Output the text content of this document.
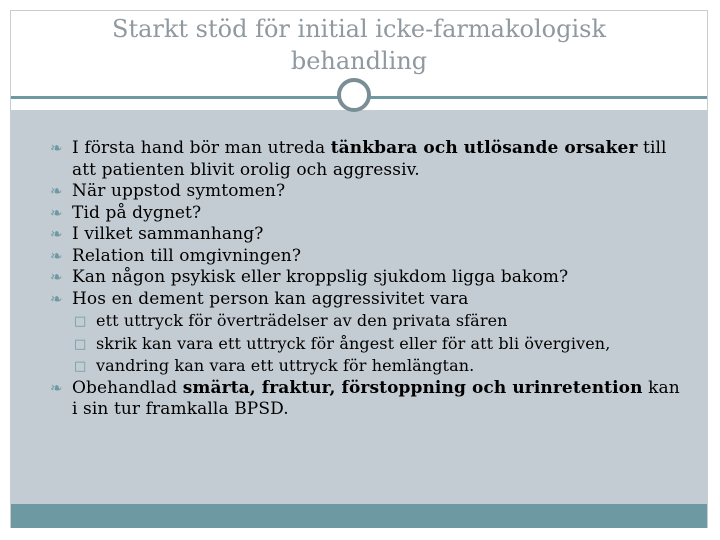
Starkt stöd för initial icke-farmakologisk
behandling

❧ I första hand bör man utreda tänkbara och utlösande orsaker till att patienten blivit orolig och aggressiv.

❧ När uppstod symtomen?

❧ Tid på dygnet?

❧ I vilket sammanhang?

❧ Relation till omgivningen?

❧ Kan någon psykisk eller kroppslig sjukdom ligga bakom?

❧ Hos en dement person kan aggressivitet vara

□ ett uttryck för överträdelser av den privata sfären

□ skrik kan vara ett uttryck för ångest eller för att bli övergiven,

□ vandring kan vara ett uttryck för hemlängtan.

❧ Obehandlad smärta, fraktur, förstoppning och urinretention kan i sin tur framkalla BPSD.
